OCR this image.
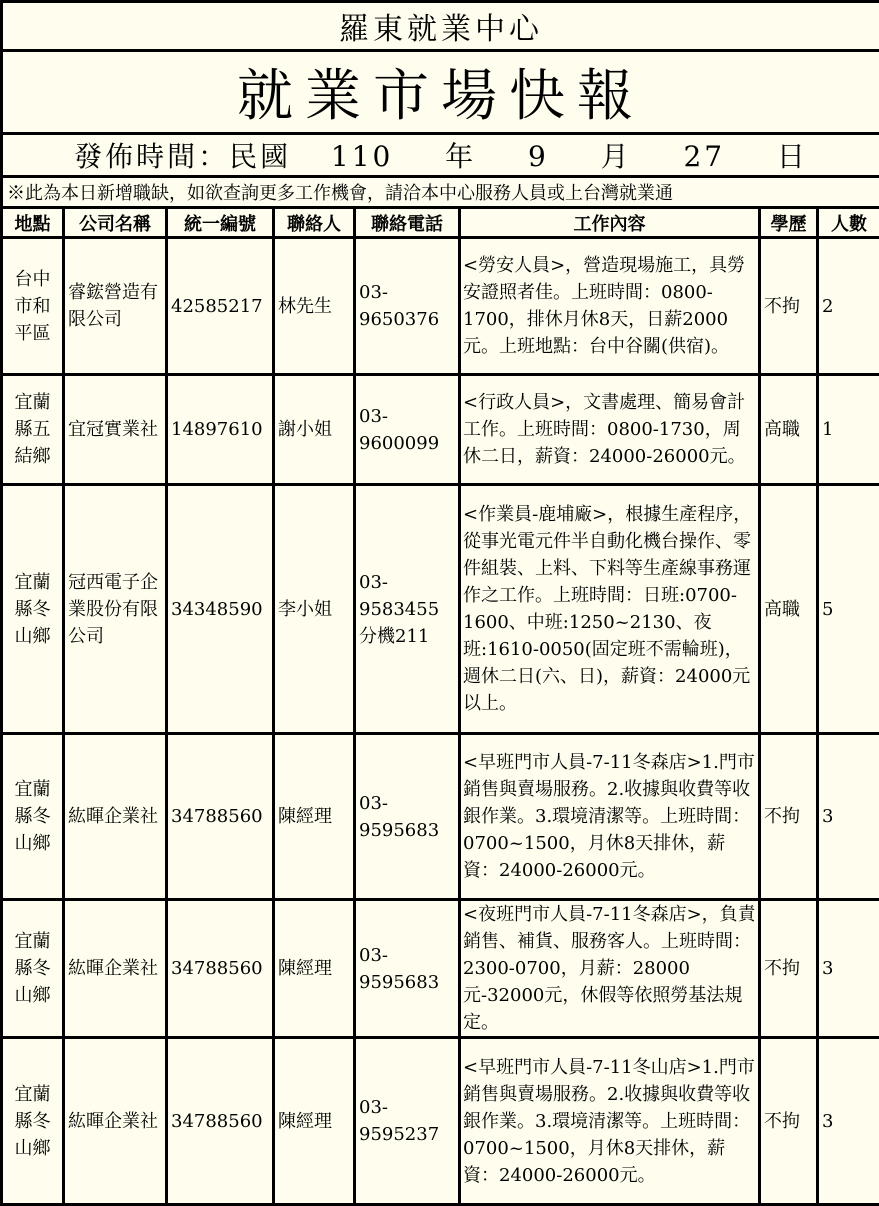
羅東就業中心							
就業市場快報							
發佈時間：民國 110 年 9 月 27 日							
※此為本日新增職缺，如欲查詢更多工作機會，請洽本中心服務人員或上台灣就業通							
地點	公司名稱	統一編號	聯絡人	聯絡電話	工作內容	學歷	人數
台中市和平區	睿鋐營造有限公司	42585217	林先生	03-9650376	<勞安人員>，營造現場施工，具勞安證照者佳。上班時間：0800-1700，排休月休8天，日薪2000元。上班地點：台中谷關(供宿)。	不拘	2
宜蘭縣五結鄉	宜冠實業社	14897610	謝小姐	03-9600099	<行政人員>，文書處理、簡易會計工作。上班時間：0800-1730，周休二日，薪資：24000-26000元。	高職	1
宜蘭縣冬山鄉	冠西電子企業股份有限公司	34348590	李小姐	03-9583455分機211	<作業員-鹿埔廠>，根據生產程序，從事光電元件半自動化機台操作、零件組裝、上料、下料等生產線事務運作之工作。上班時間：日班:0700-1600、中班:1250~2130、夜班:1610-0050(固定班不需輪班)，週休二日(六、日)，薪資：24000元以上。	高職	5
宜蘭縣冬山鄉	紘暉企業社	34788560	陳經理	03-9595683	<早班門市人員-7-11冬森店>1.門市銷售與賣場服務。2.收據與收費等收銀作業。3.環境清潔等。上班時間：0700~1500，月休8天排休，薪資：24000-26000元。	不拘	3
宜蘭縣冬山鄉	紘暉企業社	34788560	陳經理	03-9595683	<夜班門市人員-7-11冬森店>，負責銷售、補貨、服務客人。上班時間：2300-0700，月薪：28000元-32000元，休假等依照勞基法規定。	不拘	3
宜蘭縣冬山鄉	紘暉企業社	34788560	陳經理	03-9595237	<早班門市人員-7-11冬山店>1.門市銷售與賣場服務。2.收據與收費等收銀作業。3.環境清潔等。上班時間：0700~1500，月休8天排休，薪資：24000-26000元。	不拘	3
